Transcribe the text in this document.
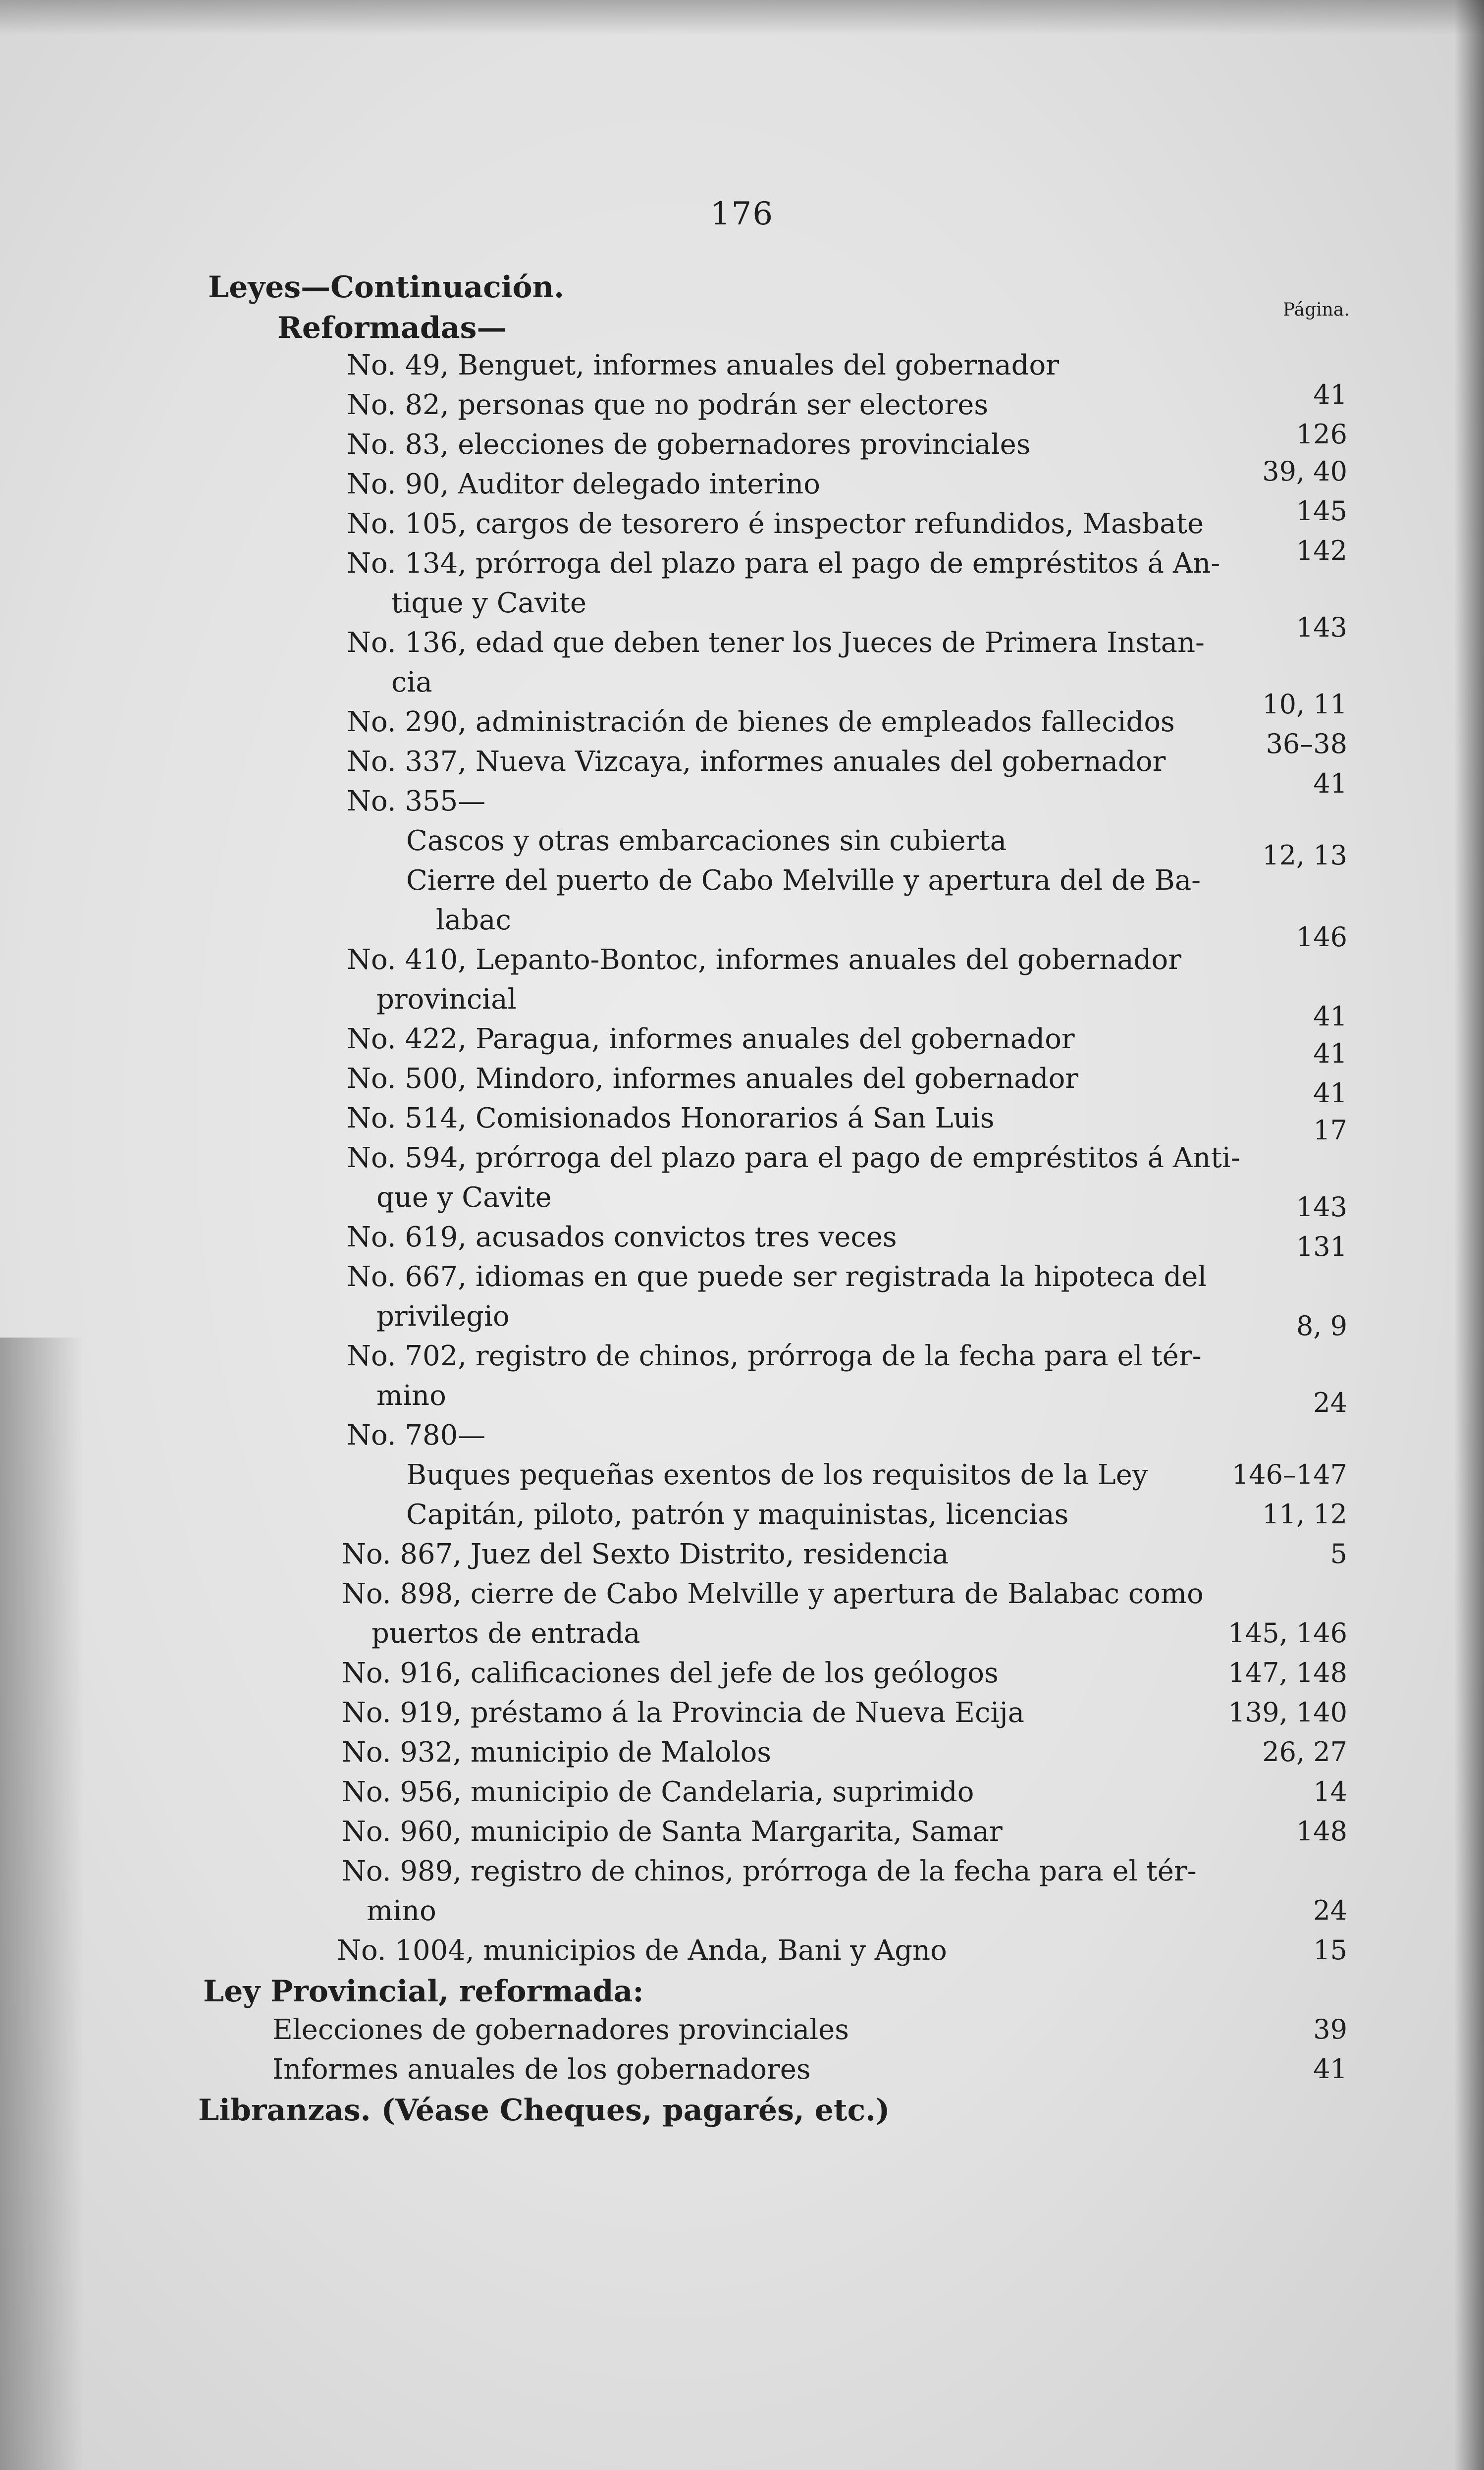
176
Página.
Leyes—Continuación.
Reformadas—
No. 49, Benguet, informes anuales del gobernador
No. 82, personas que no podrán ser electores
No. 83, elecciones de gobernadores provinciales
No. 90, Auditor delegado interino
No. 105, cargos de tesorero é inspector refundidos, Masbate
No. 134, prórroga del plazo para el pago de empréstitos á An-
tique y Cavite
No. 136, edad que deben tener los Jueces de Primera Instan-
cia
No. 290, administración de bienes de empleados fallecidos
No. 337, Nueva Vizcaya, informes anuales del gobernador
No. 355—
Cascos y otras embarcaciones sin cubierta
Cierre del puerto de Cabo Melville y apertura del de Ba-
labac
No. 410, Lepanto-Bontoc, informes anuales del gobernador
provincial
No. 422, Paragua, informes anuales del gobernador
No. 500, Mindoro, informes anuales del gobernador
No. 514, Comisionados Honorarios á San Luis
No. 594, prórroga del plazo para el pago de empréstitos á Anti-
que y Cavite
No. 619, acusados convictos tres veces
No. 667, idiomas en que puede ser registrada la hipoteca del
privilegio
No. 702, registro de chinos, prórroga de la fecha para el tér-
mino
No. 780—
Buques pequeñas exentos de los requisitos de la Ley
Capitán, piloto, patrón y maquinistas, licencias
No. 867, Juez del Sexto Distrito, residencia
No. 898, cierre de Cabo Melville y apertura de Balabac como
puertos de entrada
No. 916, calificaciones del jefe de los geólogos
No. 919, préstamo á la Provincia de Nueva Ecija
No. 932, municipio de Malolos
No. 956, municipio de Candelaria, suprimido
No. 960, municipio de Santa Margarita, Samar
No. 989, registro de chinos, prórroga de la fecha para el tér-
mino
No. 1004, municipios de Anda, Bani y Agno
Ley Provincial, reformada:
Elecciones de gobernadores provinciales
Informes anuales de los gobernadores
Libranzas. (Véase Cheques, pagarés, etc.)
41
126
39, 40
145
142
143
10, 11
36–38
41
12, 13
146
41
41
41
17
143
131
8, 9
24
146–147
11, 12
5
145, 146
147, 148
139, 140
26, 27
14
148
24
15
39
41
